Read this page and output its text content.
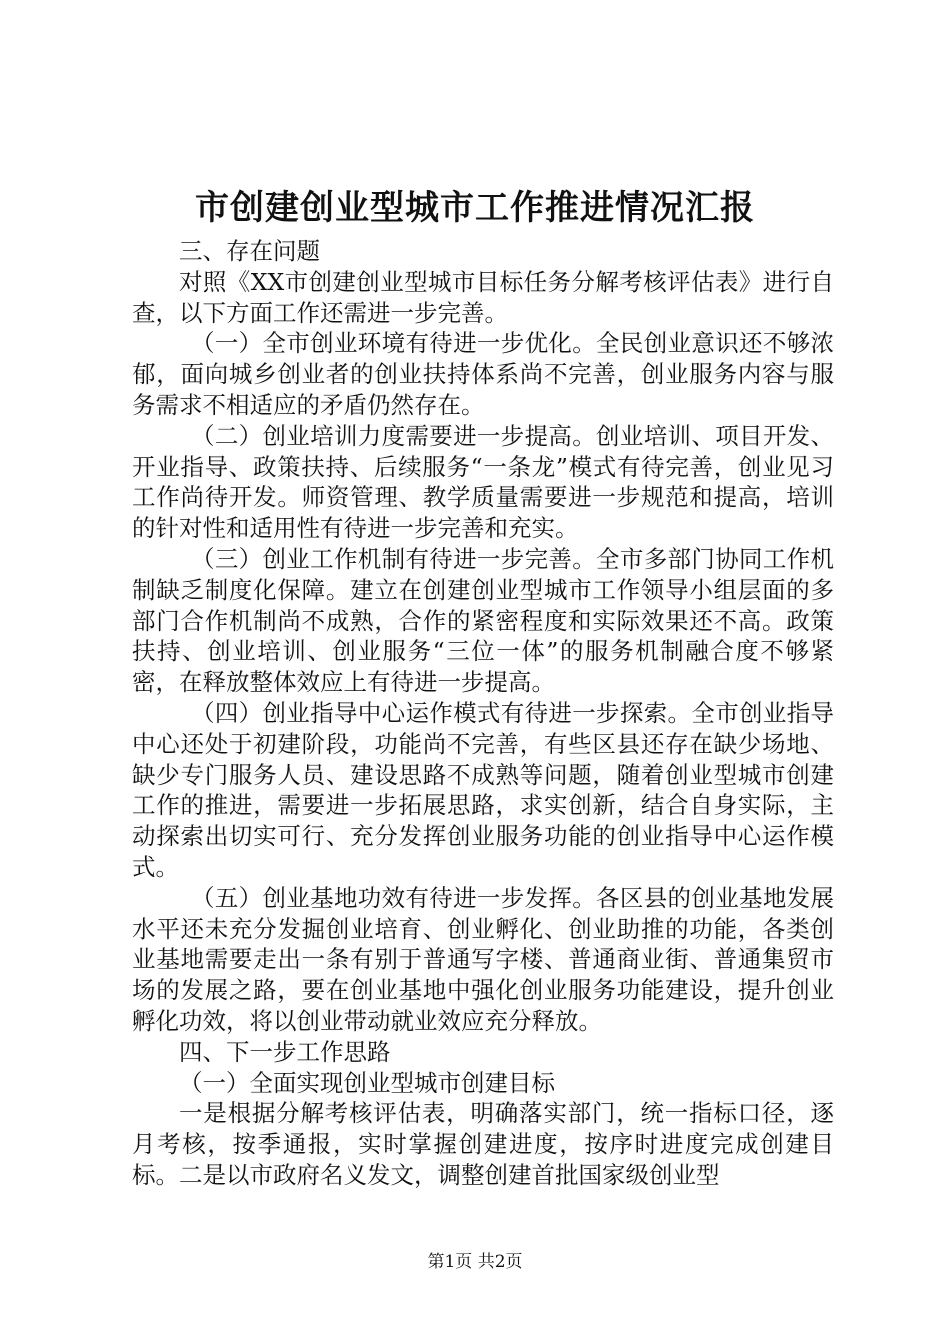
市创建创业型城市工作推进情况汇报

三、存在问题

对照《XX市创建创业型城市目标任务分解考核评估表》进行自查，以下方面工作还需进一步完善。

（一）全市创业环境有待进一步优化。全民创业意识还不够浓郁，面向城乡创业者的创业扶持体系尚不完善，创业服务内容与服务需求不相适应的矛盾仍然存在。

（二）创业培训力度需要进一步提高。创业培训、项目开发、开业指导、政策扶持、后续服务“一条龙”模式有待完善，创业见习工作尚待开发。师资管理、教学质量需要进一步规范和提高，培训的针对性和适用性有待进一步完善和充实。

（三）创业工作机制有待进一步完善。全市多部门协同工作机制缺乏制度化保障。建立在创建创业型城市工作领导小组层面的多部门合作机制尚不成熟，合作的紧密程度和实际效果还不高。政策扶持、创业培训、创业服务“三位一体”的服务机制融合度不够紧密，在释放整体效应上有待进一步提高。

（四）创业指导中心运作模式有待进一步探索。全市创业指导中心还处于初建阶段，功能尚不完善，有些区县还存在缺少场地、缺少专门服务人员、建设思路不成熟等问题，随着创业型城市创建工作的推进，需要进一步拓展思路，求实创新，结合自身实际，主动探索出切实可行、充分发挥创业服务功能的创业指导中心运作模式。

（五）创业基地功效有待进一步发挥。各区县的创业基地发展水平还未充分发掘创业培育、创业孵化、创业助推的功能，各类创业基地需要走出一条有别于普通写字楼、普通商业街、普通集贸市场的发展之路，要在创业基地中强化创业服务功能建设，提升创业孵化功效，将以创业带动就业效应充分释放。

四、下一步工作思路

（一）全面实现创业型城市创建目标

一是根据分解考核评估表，明确落实部门，统一指标口径，逐月考核，按季通报，实时掌握创建进度，按序时进度完成创建目标。二是以市政府名义发文，调整创建首批国家级创业型

第1页 共2页
